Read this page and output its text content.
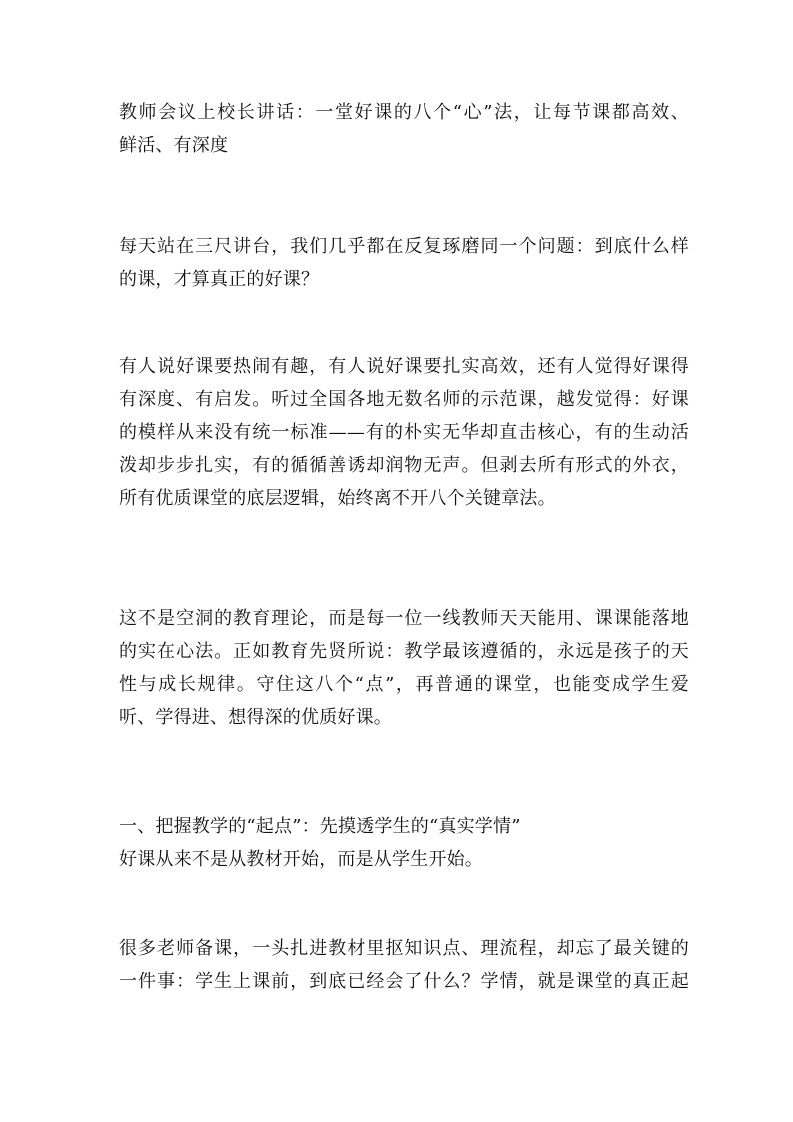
教师会议上校长讲话：一堂好课的八个“心”法，让每节课都高效、
鲜活、有深度
每天站在三尺讲台，我们几乎都在反复琢磨同一个问题：到底什么样
的课，才算真正的好课？
有人说好课要热闹有趣，有人说好课要扎实高效，还有人觉得好课得
有深度、有启发。听过全国各地无数名师的示范课，越发觉得：好课
的模样从来没有统一标准——有的朴实无华却直击核心，有的生动活
泼却步步扎实，有的循循善诱却润物无声。但剥去所有形式的外衣，
所有优质课堂的底层逻辑，始终离不开八个关键章法。
这不是空洞的教育理论，而是每一位一线教师天天能用、课课能落地
的实在心法。正如教育先贤所说：教学最该遵循的，永远是孩子的天
性与成长规律。守住这八个“点”，再普通的课堂，也能变成学生爱
听、学得进、想得深的优质好课。
一、把握教学的“起点”：先摸透学生的“真实学情”
好课从来不是从教材开始，而是从学生开始。
很多老师备课，一头扎进教材里抠知识点、理流程，却忘了最关键的
一件事：学生上课前，到底已经会了什么？学情，就是课堂的真正起
